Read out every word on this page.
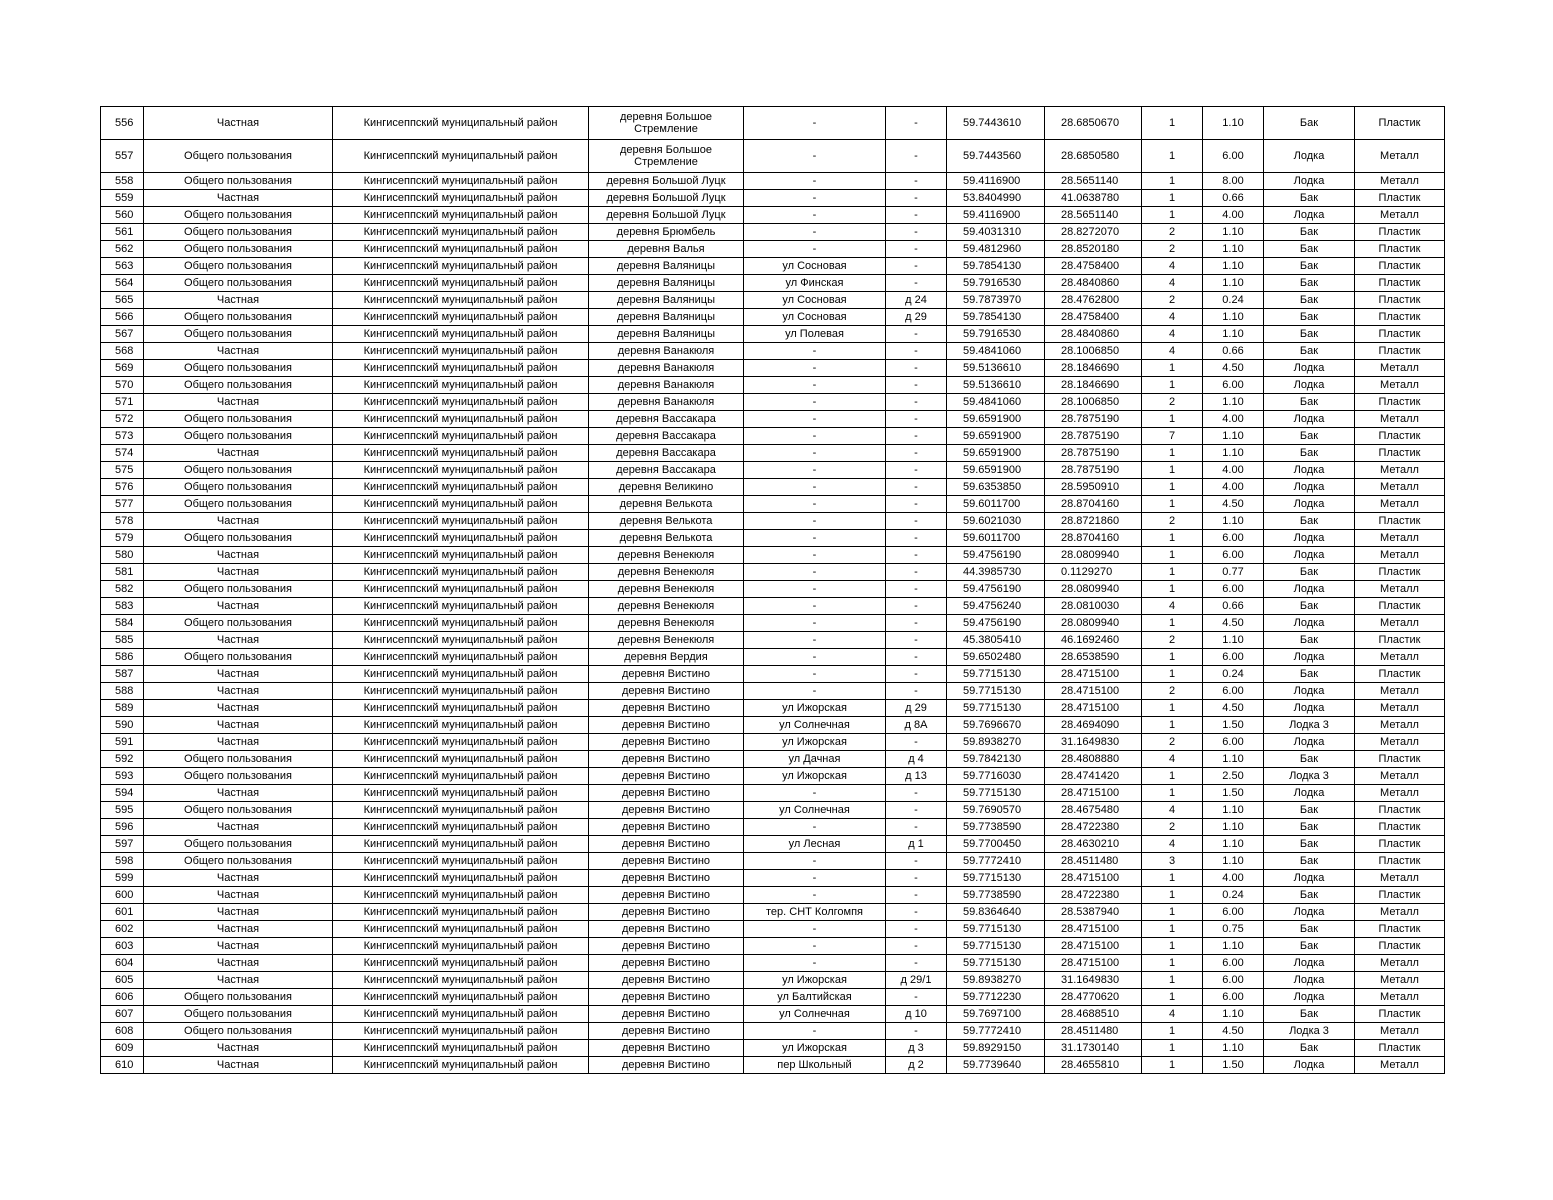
556	Частная	Кингисеппский муниципальный район	деревня Большое Стремление	-	-	59.7443610	28.6850670	1	1.10	Бак	Пластик
557	Общего пользования	Кингисеппский муниципальный район	деревня Большое Стремление	-	-	59.7443560	28.6850580	1	6.00	Лодка	Металл
558	Общего пользования	Кингисеппский муниципальный район	деревня Большой Луцк	-	-	59.4116900	28.5651140	1	8.00	Лодка	Металл
559	Частная	Кингисеппский муниципальный район	деревня Большой Луцк	-	-	53.8404990	41.0638780	1	0.66	Бак	Пластик
560	Общего пользования	Кингисеппский муниципальный район	деревня Большой Луцк	-	-	59.4116900	28.5651140	1	4.00	Лодка	Металл
561	Общего пользования	Кингисеппский муниципальный район	деревня Брюмбель	-	-	59.4031310	28.8272070	2	1.10	Бак	Пластик
562	Общего пользования	Кингисеппский муниципальный район	деревня Валья	-	-	59.4812960	28.8520180	2	1.10	Бак	Пластик
563	Общего пользования	Кингисеппский муниципальный район	деревня Валяницы	ул Сосновая	-	59.7854130	28.4758400	4	1.10	Бак	Пластик
564	Общего пользования	Кингисеппский муниципальный район	деревня Валяницы	ул Финская	-	59.7916530	28.4840860	4	1.10	Бак	Пластик
565	Частная	Кингисеппский муниципальный район	деревня Валяницы	ул Сосновая	д 24	59.7873970	28.4762800	2	0.24	Бак	Пластик
566	Общего пользования	Кингисеппский муниципальный район	деревня Валяницы	ул Сосновая	д 29	59.7854130	28.4758400	4	1.10	Бак	Пластик
567	Общего пользования	Кингисеппский муниципальный район	деревня Валяницы	ул Полевая	-	59.7916530	28.4840860	4	1.10	Бак	Пластик
568	Частная	Кингисеппский муниципальный район	деревня Ванакюля	-	-	59.4841060	28.1006850	4	0.66	Бак	Пластик
569	Общего пользования	Кингисеппский муниципальный район	деревня Ванакюля	-	-	59.5136610	28.1846690	1	4.50	Лодка	Металл
570	Общего пользования	Кингисеппский муниципальный район	деревня Ванакюля	-	-	59.5136610	28.1846690	1	6.00	Лодка	Металл
571	Частная	Кингисеппский муниципальный район	деревня Ванакюля	-	-	59.4841060	28.1006850	2	1.10	Бак	Пластик
572	Общего пользования	Кингисеппский муниципальный район	деревня Вассакара	-	-	59.6591900	28.7875190	1	4.00	Лодка	Металл
573	Общего пользования	Кингисеппский муниципальный район	деревня Вассакара	-	-	59.6591900	28.7875190	7	1.10	Бак	Пластик
574	Частная	Кингисеппский муниципальный район	деревня Вассакара	-	-	59.6591900	28.7875190	1	1.10	Бак	Пластик
575	Общего пользования	Кингисеппский муниципальный район	деревня Вассакара	-	-	59.6591900	28.7875190	1	4.00	Лодка	Металл
576	Общего пользования	Кингисеппский муниципальный район	деревня Великино	-	-	59.6353850	28.5950910	1	4.00	Лодка	Металл
577	Общего пользования	Кингисеппский муниципальный район	деревня Велькота	-	-	59.6011700	28.8704160	1	4.50	Лодка	Металл
578	Частная	Кингисеппский муниципальный район	деревня Велькота	-	-	59.6021030	28.8721860	2	1.10	Бак	Пластик
579	Общего пользования	Кингисеппский муниципальный район	деревня Велькота	-	-	59.6011700	28.8704160	1	6.00	Лодка	Металл
580	Частная	Кингисеппский муниципальный район	деревня Венекюля	-	-	59.4756190	28.0809940	1	6.00	Лодка	Металл
581	Частная	Кингисеппский муниципальный район	деревня Венекюля	-	-	44.3985730	0.1129270	1	0.77	Бак	Пластик
582	Общего пользования	Кингисеппский муниципальный район	деревня Венекюля	-	-	59.4756190	28.0809940	1	6.00	Лодка	Металл
583	Частная	Кингисеппский муниципальный район	деревня Венекюля	-	-	59.4756240	28.0810030	4	0.66	Бак	Пластик
584	Общего пользования	Кингисеппский муниципальный район	деревня Венекюля	-	-	59.4756190	28.0809940	1	4.50	Лодка	Металл
585	Частная	Кингисеппский муниципальный район	деревня Венекюля	-	-	45.3805410	46.1692460	2	1.10	Бак	Пластик
586	Общего пользования	Кингисеппский муниципальный район	деревня Вердия	-	-	59.6502480	28.6538590	1	6.00	Лодка	Металл
587	Частная	Кингисеппский муниципальный район	деревня Вистино	-	-	59.7715130	28.4715100	1	0.24	Бак	Пластик
588	Частная	Кингисеппский муниципальный район	деревня Вистино	-	-	59.7715130	28.4715100	2	6.00	Лодка	Металл
589	Частная	Кингисеппский муниципальный район	деревня Вистино	ул Ижорская	д 29	59.7715130	28.4715100	1	4.50	Лодка	Металл
590	Частная	Кингисеппский муниципальный район	деревня Вистино	ул Солнечная	д 8А	59.7696670	28.4694090	1	1.50	Лодка 3	Металл
591	Частная	Кингисеппский муниципальный район	деревня Вистино	ул Ижорская	-	59.8938270	31.1649830	2	6.00	Лодка	Металл
592	Общего пользования	Кингисеппский муниципальный район	деревня Вистино	ул Дачная	д 4	59.7842130	28.4808880	4	1.10	Бак	Пластик
593	Общего пользования	Кингисеппский муниципальный район	деревня Вистино	ул Ижорская	д 13	59.7716030	28.4741420	1	2.50	Лодка 3	Металл
594	Частная	Кингисеппский муниципальный район	деревня Вистино	-	-	59.7715130	28.4715100	1	1.50	Лодка	Металл
595	Общего пользования	Кингисеппский муниципальный район	деревня Вистино	ул Солнечная	-	59.7690570	28.4675480	4	1.10	Бак	Пластик
596	Частная	Кингисеппский муниципальный район	деревня Вистино	-	-	59.7738590	28.4722380	2	1.10	Бак	Пластик
597	Общего пользования	Кингисеппский муниципальный район	деревня Вистино	ул Лесная	д 1	59.7700450	28.4630210	4	1.10	Бак	Пластик
598	Общего пользования	Кингисеппский муниципальный район	деревня Вистино	-	-	59.7772410	28.4511480	3	1.10	Бак	Пластик
599	Частная	Кингисеппский муниципальный район	деревня Вистино	-	-	59.7715130	28.4715100	1	4.00	Лодка	Металл
600	Частная	Кингисеппский муниципальный район	деревня Вистино	-	-	59.7738590	28.4722380	1	0.24	Бак	Пластик
601	Частная	Кингисеппский муниципальный район	деревня Вистино	тер. СНТ Колгомпя	-	59.8364640	28.5387940	1	6.00	Лодка	Металл
602	Частная	Кингисеппский муниципальный район	деревня Вистино	-	-	59.7715130	28.4715100	1	0.75	Бак	Пластик
603	Частная	Кингисеппский муниципальный район	деревня Вистино	-	-	59.7715130	28.4715100	1	1.10	Бак	Пластик
604	Частная	Кингисеппский муниципальный район	деревня Вистино	-	-	59.7715130	28.4715100	1	6.00	Лодка	Металл
605	Частная	Кингисеппский муниципальный район	деревня Вистино	ул Ижорская	д 29/1	59.8938270	31.1649830	1	6.00	Лодка	Металл
606	Общего пользования	Кингисеппский муниципальный район	деревня Вистино	ул Балтийская	-	59.7712230	28.4770620	1	6.00	Лодка	Металл
607	Общего пользования	Кингисеппский муниципальный район	деревня Вистино	ул Солнечная	д 10	59.7697100	28.4688510	4	1.10	Бак	Пластик
608	Общего пользования	Кингисеппский муниципальный район	деревня Вистино	-	-	59.7772410	28.4511480	1	4.50	Лодка 3	Металл
609	Частная	Кингисеппский муниципальный район	деревня Вистино	ул Ижорская	д 3	59.8929150	31.1730140	1	1.10	Бак	Пластик
610	Частная	Кингисеппский муниципальный район	деревня Вистино	пер Школьный	д 2	59.7739640	28.4655810	1	1.50	Лодка	Металл
